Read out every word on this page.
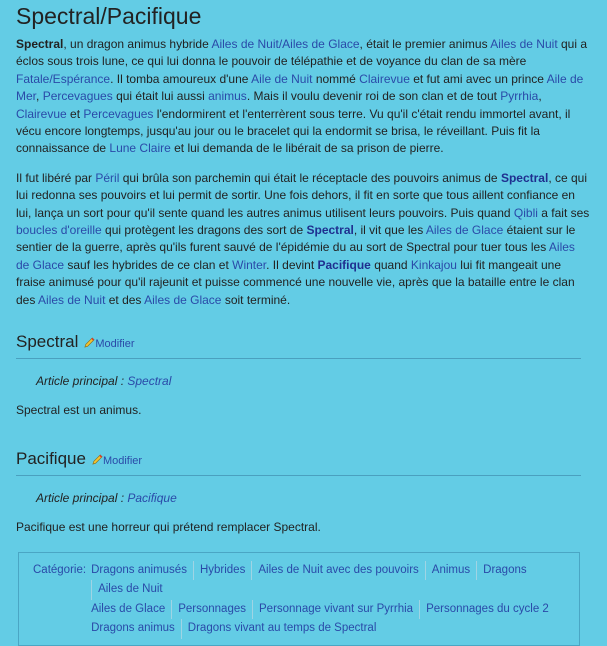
Spectral/Pacifique

Spectral, un dragon animus hybride Ailes de Nuit/Ailes de Glace, était le premier animus Ailes de Nuit qui a éclos sous trois lune, ce qui lui donna le pouvoir de télépathie et de voyance du clan de sa mère Fatale/Espérance. Il tomba amoureux d'une Aile de Nuit nommé Clairevue et fut ami avec un prince Aile de Mer, Percevagues qui était lui aussi animus. Mais il voulu devenir roi de son clan et de tout Pyrrhia, Clairevue et Percevagues l'endormirent et l'enterrèrent sous terre. Vu qu'il c'était rendu immortel avant, il vécu encore longtemps, jusqu'au jour ou le bracelet qui la endormit se brisa, le réveillant. Puis fit la connaissance de Lune Claire et lui demanda de le libérait de sa prison de pierre.

Il fut libéré par Péril qui brûla son parchemin qui était le réceptacle des pouvoirs animus de Spectral, ce qui lui redonna ses pouvoirs et lui permit de sortir. Une fois dehors, il fit en sorte que tous aillent confiance en lui, lança un sort pour qu'il sente quand les autres animus utilisent leurs pouvoirs. Puis quand Qibli a fait ses boucles d'oreille qui protègent les dragons des sort de Spectral, il vit que les Ailes de Glace étaient sur le sentier de la guerre, après qu'ils furent sauvé de l'épidémie du au sort de Spectral pour tuer tous les Ailes de Glace sauf les hybrides de ce clan et Winter. Il devint Pacifique quand Kinkajou lui fit mangeait une fraise animusé pour qu'il rajeunit et puisse commencé une nouvelle vie, après que la bataille entre le clan des Ailes de Nuit et des Ailes de Glace soit terminé.

Spectral Modifier
Article principal : Spectral

Spectral est un animus.

Pacifique Modifier
Article principal : Pacifique

Pacifique est une horreur qui prétend remplacer Spectral.

Catégorie: Dragons animusés	Hybrides	Ailes de Nuit avec des pouvoirs	Animus	Dragons
Ailes de Nuit
Ailes de Glace	Personnages	Personnage vivant sur Pyrrhia	Personnages du cycle 2
Dragons animus	Dragons vivant au temps de Spectral
